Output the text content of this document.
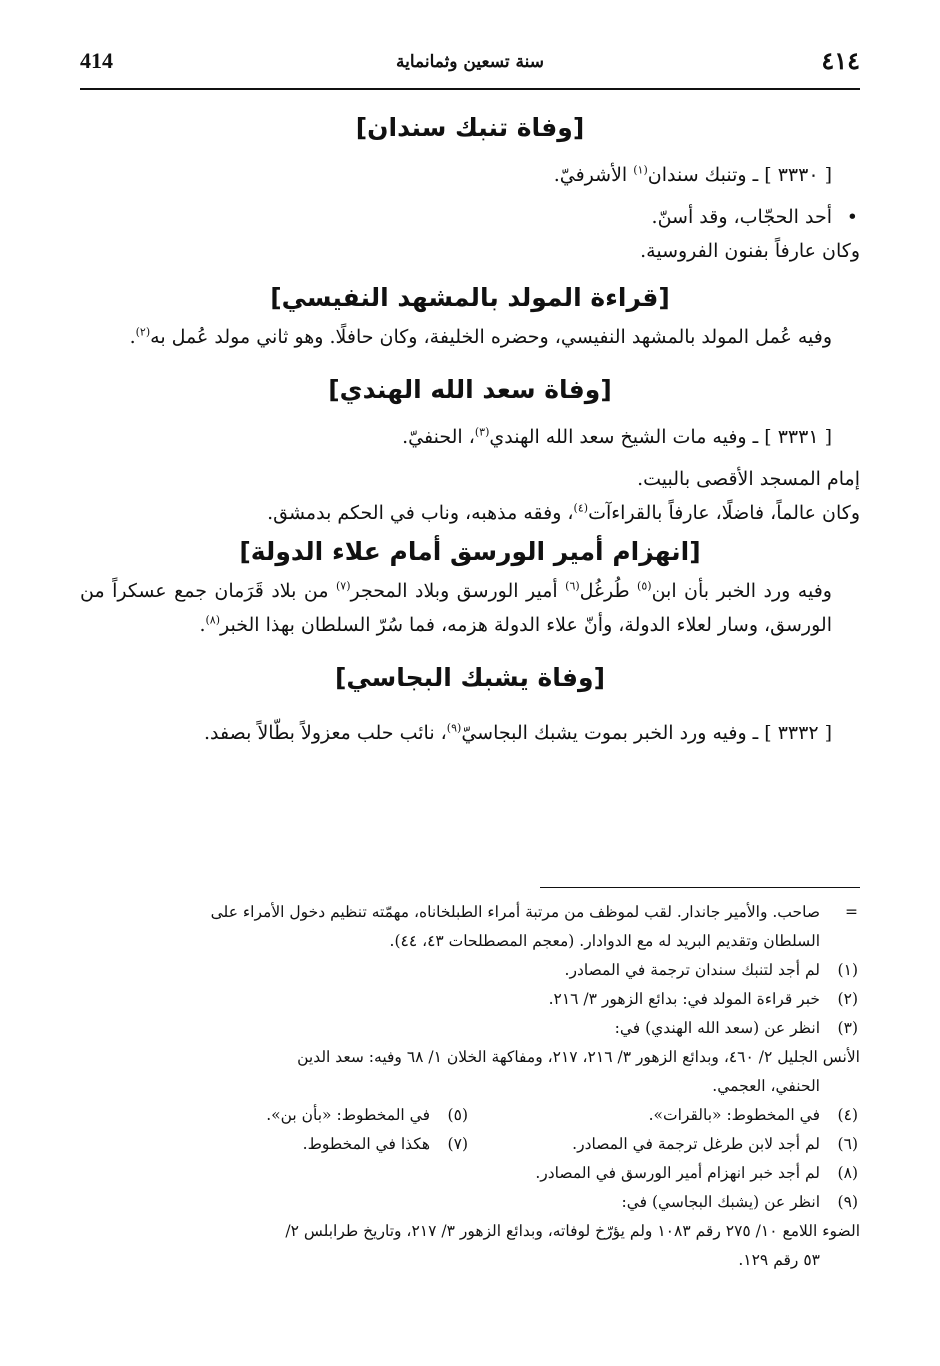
414	سنة تسعين وثمانماية	٤١٤
[وفاة تنبك سندان]

[ ٣٣٣٠ ] ـ وتنبك سندان$^{(١)}$ الأشرفيّ.

•
أحد الحجّاب، وقد أسنّ.

وكان عارفاً بفنون الفروسية.

[قراءة المولد بالمشهد النفيسي]

وفيه عُمل المولد بالمشهد النفيسي، وحضره الخليفة، وكان حافلًا. وهو ثاني مولد عُمل به$^{(٢)}$.

[وفاة سعد الله الهندي]

[ ٣٣٣١ ] ـ وفيه مات الشيخ سعد الله الهندي$^{(٣)}$، الحنفيّ.

إمام المسجد الأقصى بالبيت.

وكان عالماً، فاضلًا، عارفاً بالقراءآت$^{(٤)}$، وفقه مذهبه، وناب في الحكم بدمشق.

[انهزام أمير الورسق أمام علاء الدولة]

وفيه ورد الخبر بأن ابن$^{(٥)}$ طُرغُل$^{(٦)}$ أمير الورسق وبلاد المحجر$^{(٧)}$ من بلاد قَرَمان جمع عسكراً من الورسق، وسار لعلاء الدولة، وأنّ علاء الدولة هزمه، فما سُرّ السلطان بهذا الخبر$^{(٨)}$.

[وفاة يشبك البجاسي]

[ ٣٣٣٢ ] ـ وفيه ورد الخبر بموت يشبك البجاسيّ$^{(٩)}$، نائب حلب معزولاً بطّالاً بصفد.

=
صاحب. والأمير جاندار. لقب لموظف من مرتبة أمراء الطبلخاناه، مهمّته تنظيم دخول الأمراء على

السلطان وتقديم البريد له مع الدوادار. (معجم المصطلحات ٤٣، ٤٤).

(١)
لم أجد لتنبك سندان ترجمة في المصادر.

(٢)
خبر قراءة المولد في: بدائع الزهور ٣/ ٢١٦.

(٣)
انظر عن (سعد الله الهندي) في:

الأنس الجليل ٢/ ٤٦٠، وبدائع الزهور ٣/ ٢١٦، ٢١٧، ومفاكهة الخلان ١/ ٦٨ وفيه: سعد الدين

الحنفي، العجمي.

(٤)
في المخطوط: «بالقرات».
(٥)
في المخطوط: «بأن بن».
(٦)
لم أجد لابن طرغل ترجمة في المصادر.
(٧)
هكذا في المخطوط.

(٨)
لم أجد خبر انهزام أمير الورسق في المصادر.

(٩)
انظر عن (يشبك البجاسي) في:

الضوء اللامع ١٠/ ٢٧٥ رقم ١٠٨٣ ولم يؤرّخ لوفاته، وبدائع الزهور ٣/ ٢١٧، وتاريخ طرابلس ٢/

٥٣ رقم ١٢٩.
